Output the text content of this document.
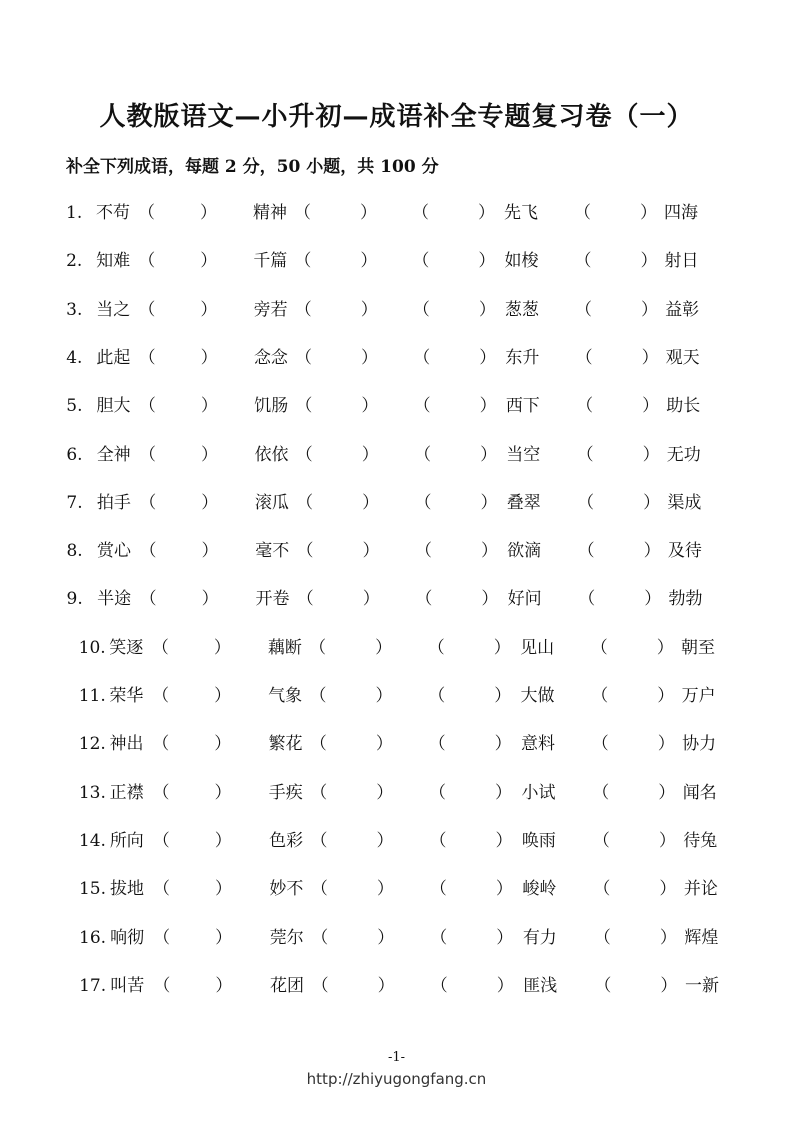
人教版语文—小升初—成语补全专题复习卷（一）
补全下列成语，每题 2 分，50 小题，共 100 分
1. 不苟 （	） 精神 （	） （	） 先飞 （	） 四海
2. 知难 （	） 千篇 （	） （	） 如梭 （	） 射日
3. 当之 （	） 旁若 （	） （	） 葱葱 （	） 益彰
4. 此起 （	） 念念 （	） （	） 东升 （	） 观天
5. 胆大 （	） 饥肠 （	） （	） 西下 （	） 助长
6. 全神 （	） 依依 （	） （	） 当空 （	） 无功
7. 拍手 （	） 滚瓜 （	） （	） 叠翠 （	） 渠成
8. 赏心 （	） 毫不 （	） （	） 欲滴 （	） 及待
9. 半途 （	） 开卷 （	） （	） 好问 （	） 勃勃
10. 笑逐 （	） 藕断 （	） （	） 见山 （	） 朝至
11. 荣华 （	） 气象 （	） （	） 大做 （	） 万户
12. 神出 （	） 繁花 （	） （	） 意料 （	） 协力
13. 正襟 （	） 手疾 （	） （	） 小试 （	） 闻名
14. 所向 （	） 色彩 （	） （	） 唤雨 （	） 待兔
15. 拔地 （	） 妙不 （	） （	） 峻岭 （	） 并论
16. 响彻 （	） 莞尔 （	） （	） 有力 （	） 辉煌
17. 叫苦 （	） 花团 （	） （	） 匪浅 （	） 一新
-1-
http://zhiyugongfang.cn
